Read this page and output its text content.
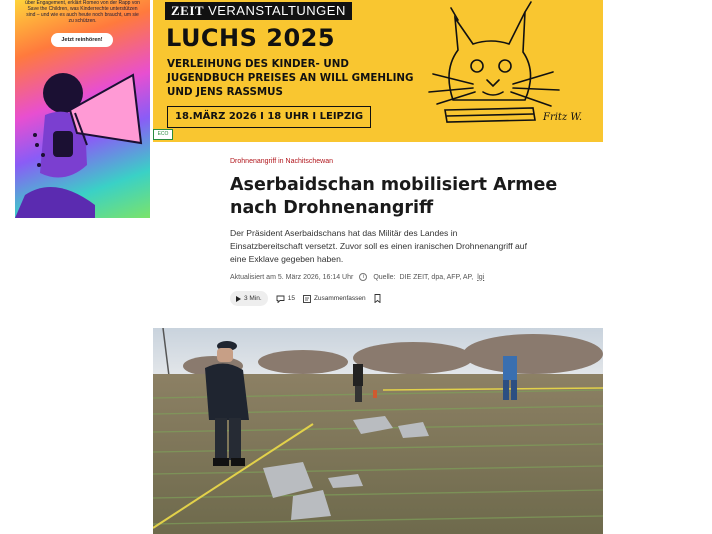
über Engagement, erklärt Romeo von der Rapp von Save the Children, was Kinderrechte unterstützen sind – und wie es auch heute noch braucht, um sie zu schützen.
Jetzt reinhören!
ZEIT VERANSTALTUNGEN
LUCHS 2025
VERLEIHUNG DES KINDER- UND JUGENDBUCH PREISES AN WILL GMEHLING UND JENS RASSMUS
18.MÄRZ 2026 I 18 UHR I LEIPZIG
ECO
Fritz W.
Drohnenangriff in Nachitschewan
Aserbaidschan mobilisiert Armee nach Drohnenangriff

Der Präsident Aserbaidschans hat das Militär des Landes in Einsatzbereitschaft versetzt. Zuvor soll es einen iranischen Drohnenangriff auf eine Exklave gegeben haben.

Aktualisiert am 5. März 2026, 16:14 Uhr	i	Quelle: DIE ZEIT, dpa, AFP, AP, lgi
3 Min.	15	Zusammenfassen
